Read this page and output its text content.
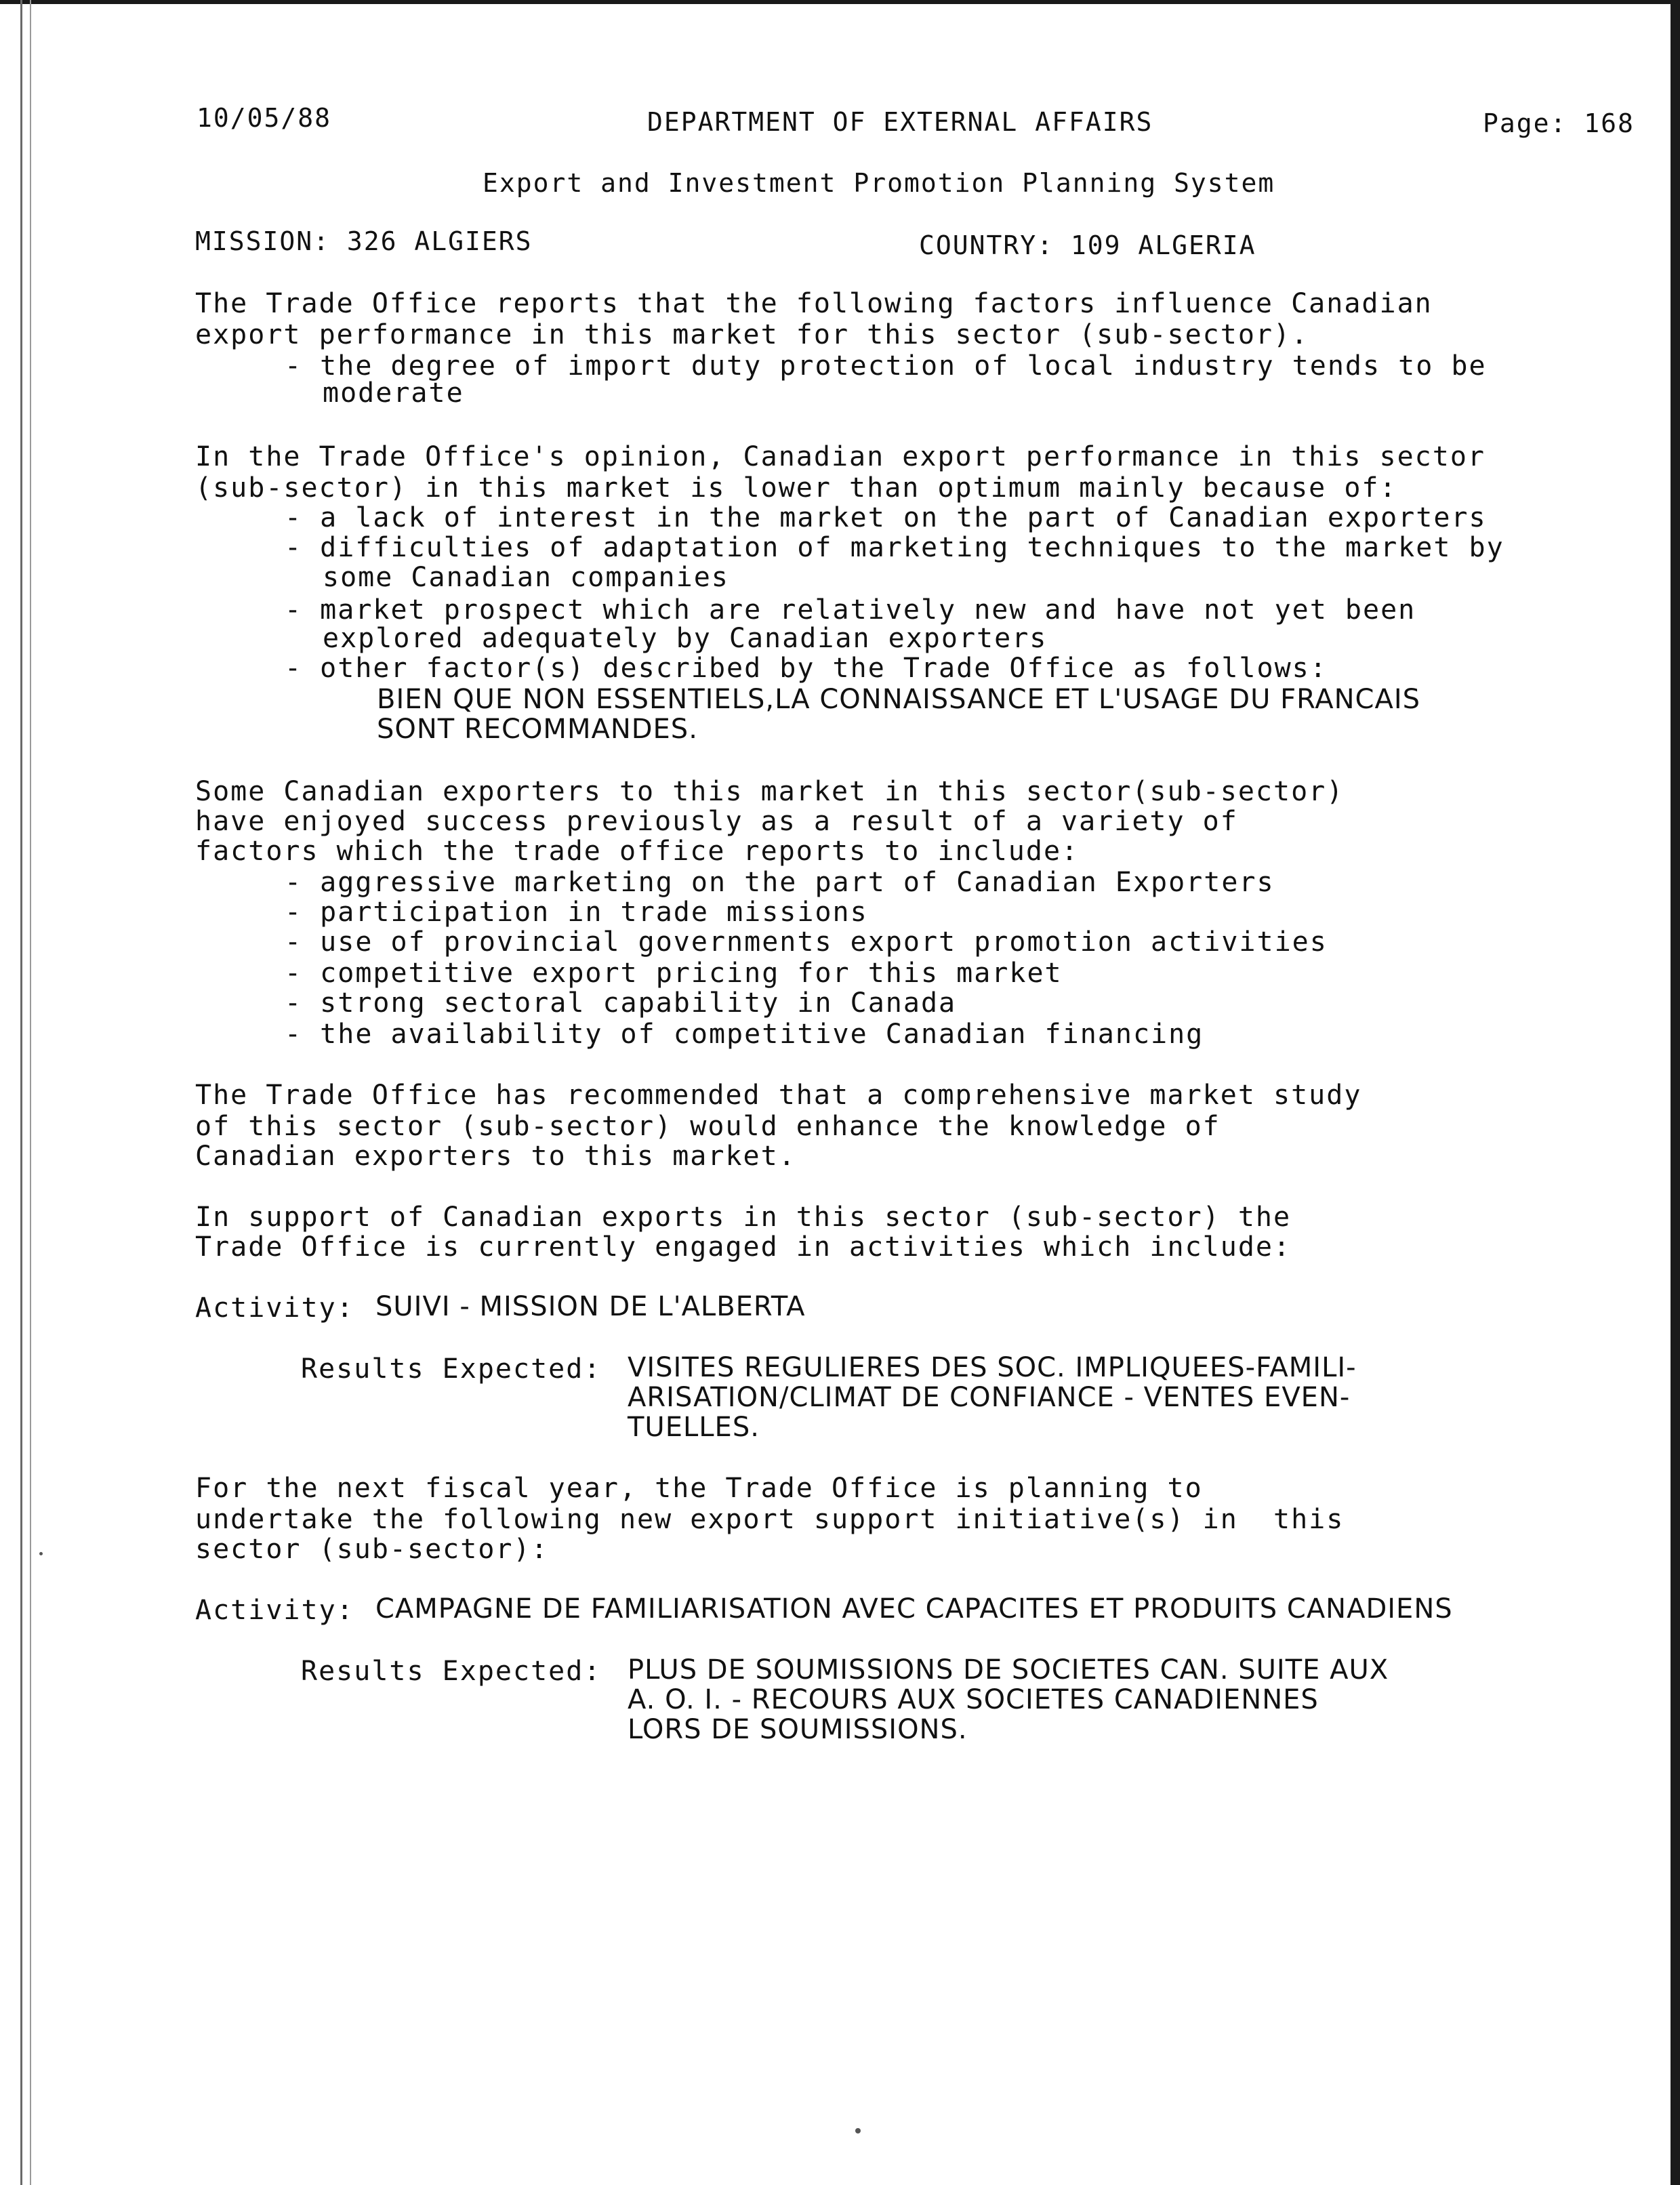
10/05/88	DEPARTMENT OF EXTERNAL AFFAIRS	Page: 168
Export and Investment Promotion Planning System
MISSION: 326 ALGIERS	COUNTRY: 109 ALGERIA
The Trade Office reports that the following factors influence Canadian
export performance in this market for this sector (sub-sector).
- the degree of import duty protection of local industry tends to be
moderate
In the Trade Office's opinion, Canadian export performance in this sector
(sub-sector) in this market is lower than optimum mainly because of:
- a lack of interest in the market on the part of Canadian exporters
- difficulties of adaptation of marketing techniques to the market by
some Canadian companies
- market prospect which are relatively new and have not yet been
explored adequately by Canadian exporters
- other factor(s) described by the Trade Office as follows:
BIEN QUE NON ESSENTIELS,LA CONNAISSANCE ET L'USAGE DU FRANCAIS
SONT RECOMMANDES.
Some Canadian exporters to this market in this sector(sub-sector)
have enjoyed success previously as a result of a variety of
factors which the trade office reports to include:
- aggressive marketing on the part of Canadian Exporters
- participation in trade missions
- use of provincial governments export promotion activities
- competitive export pricing for this market
- strong sectoral capability in Canada
- the availability of competitive Canadian financing
The Trade Office has recommended that a comprehensive market study
of this sector (sub-sector) would enhance the knowledge of
Canadian exporters to this market.
In support of Canadian exports in this sector (sub-sector) the
Trade Office is currently engaged in activities which include:
Activity: SUIVI - MISSION DE L'ALBERTA
Results Expected: VISITES REGULIERES DES SOC. IMPLIQUEES-FAMILI-
ARISATION/CLIMAT DE CONFIANCE - VENTES EVEN-
TUELLES.
For the next fiscal year, the Trade Office is planning to
undertake the following new export support initiative(s) in  this
sector (sub-sector):
Activity: CAMPAGNE DE FAMILIARISATION AVEC CAPACITES ET PRODUITS CANADIENS
Results Expected: PLUS DE SOUMISSIONS DE SOCIETES CAN. SUITE AUX
A. O. I. - RECOURS AUX SOCIETES CANADIENNES
LORS DE SOUMISSIONS.
